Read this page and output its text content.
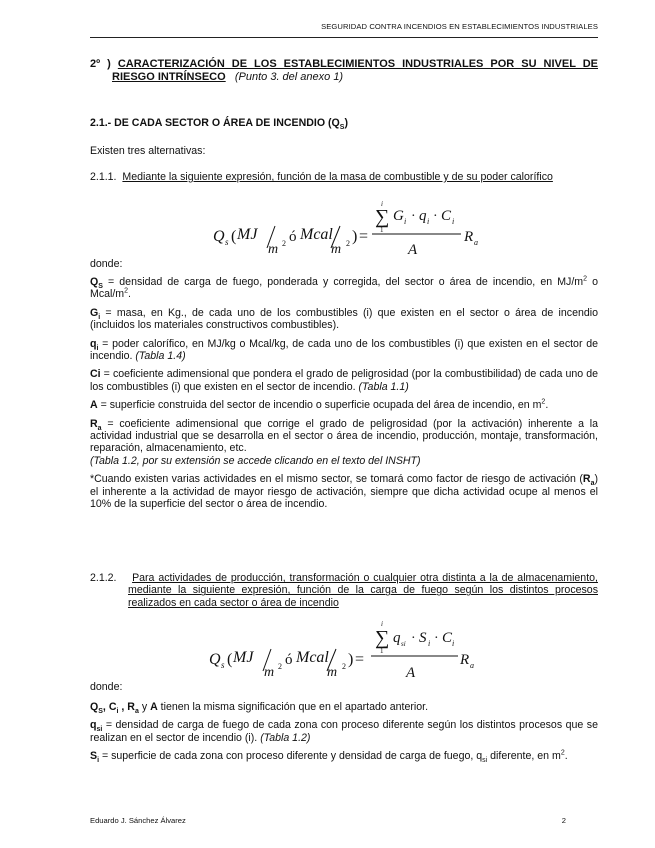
SEGURIDAD CONTRA INCENDIOS EN ESTABLECIMIENTOS INDUSTRIALES

2º ) CARACTERIZACIÓN DE LOS ESTABLECIMIENTOS INDUSTRIALES POR SU NIVEL DE RIESGO INTRÍNSECO (Punto 3. del anexo 1)

2.1.- DE CADA SECTOR O ÁREA DE INCENDIO $(Q_S)$

Existen tres alternativas:

2.1.1. Mediante la siguiente expresión, función de la masa de combustible y de su poder calorífico

Q s ( MJ
m 2 ó Mcal
m 2 ) =
i
∑
1
G i · q i · C i
A
R a

donde:

$Q_S$ = densidad de carga de fuego, ponderada y corregida, del sector o área de incendio, en $MJ/m^2$ o Mcal/$m^2$.

$G_i$ = masa, en Kg., de cada uno de los combustibles (i) que existen en el sector o área de incendio (incluidos los materiales constructivos combustibles).

$q_i$ = poder calorífico, en MJ/kg o Mcal/kg, de cada uno de los combustibles (i) que existen en el sector de incendio. (Tabla 1.4)

Ci = coeficiente adimensional que pondera el grado de peligrosidad (por la combustibilidad) de cada uno de los combustibles (i) que existen en el sector de incendio. (Tabla 1.1)

A = superficie construida del sector de incendio o superficie ocupada del área de incendio, en $m^2$.

$R_a$ = coeficiente adimensional que corrige el grado de peligrosidad (por la activación) inherente a la actividad industrial que se desarrolla en el sector o área de incendio, producción, montaje, transformación, reparación, almacenamiento, etc.

(Tabla 1.2, por su extensión se accede clicando en el texto del INSHT)

*Cuando existen varias actividades en el mismo sector, se tomará como factor de riesgo de activación $(R_a)$ el inherente a la actividad de mayor riesgo de activación, siempre que dicha actividad ocupe al menos el 10% de la superficie del sector o área de incendio.

2.1.2. Para actividades de producción, transformación o cualquier otra distinta a la de almacenamiento, mediante la siguiente expresión, función de la carga de fuego según los distintos procesos realizados en cada sector o área de incendio

Q s ( MJ
m 2 ó Mcal
m 2 ) =
i
∑
1
q si · S i · C i
A
R a

donde:

$Q_S$, $C_i$ , $R_a$ y A tienen la misma significación que en el apartado anterior.

$q_{si}$ = densidad de carga de fuego de cada zona con proceso diferente según los distintos procesos que se realizan en el sector de incendio (i). (Tabla 1.2)

$S_i$ = superficie de cada zona con proceso diferente y densidad de carga de fuego, $q_{si}$ diferente, en $m^2$.

Eduardo J. Sánchez Álvarez	2
